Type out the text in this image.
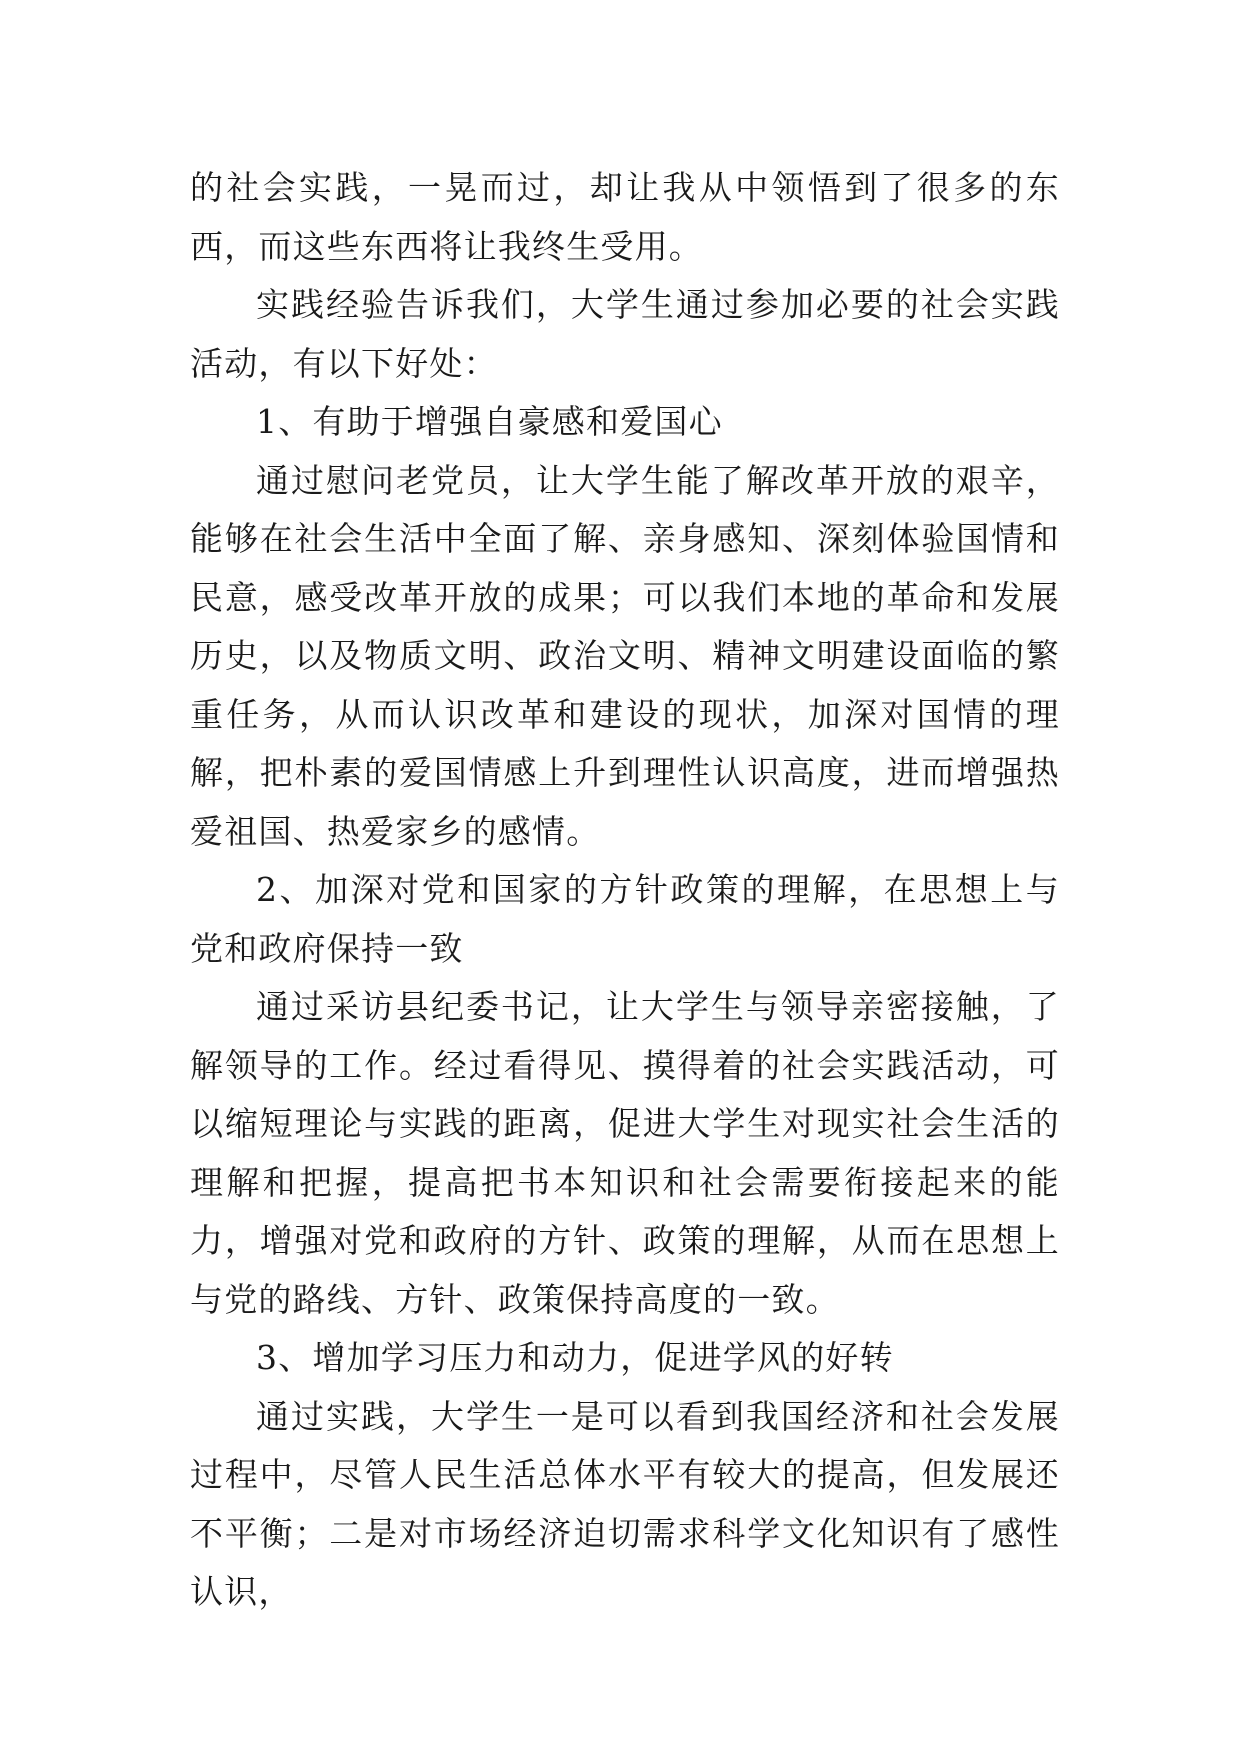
的社会实践，一晃而过，却让我从中领悟到了很多的东西，而这些东西将让我终生受用。

实践经验告诉我们，大学生通过参加必要的社会实践活动，有以下好处：

1、有助于增强自豪感和爱国心

通过慰问老党员，让大学生能了解改革开放的艰辛，能够在社会生活中全面了解、亲身感知、深刻体验国情和民意，感受改革开放的成果；可以我们本地的革命和发展历史，以及物质文明、政治文明、精神文明建设面临的繁重任务，从而认识改革和建设的现状，加深对国情的理解，把朴素的爱国情感上升到理性认识高度，进而增强热爱祖国、热爱家乡的感情。

2、加深对党和国家的方针政策的理解，在思想上与党和政府保持一致

通过采访县纪委书记，让大学生与领导亲密接触，了解领导的工作。经过看得见、摸得着的社会实践活动，可以缩短理论与实践的距离，促进大学生对现实社会生活的理解和把握，提高把书本知识和社会需要衔接起来的能力，增强对党和政府的方针、政策的理解，从而在思想上与党的路线、方针、政策保持高度的一致。

3、增加学习压力和动力，促进学风的好转

通过实践，大学生一是可以看到我国经济和社会发展过程中，尽管人民生活总体水平有较大的提高，但发展还不平衡；二是对市场经济迫切需求科学文化知识有了感性认识，
